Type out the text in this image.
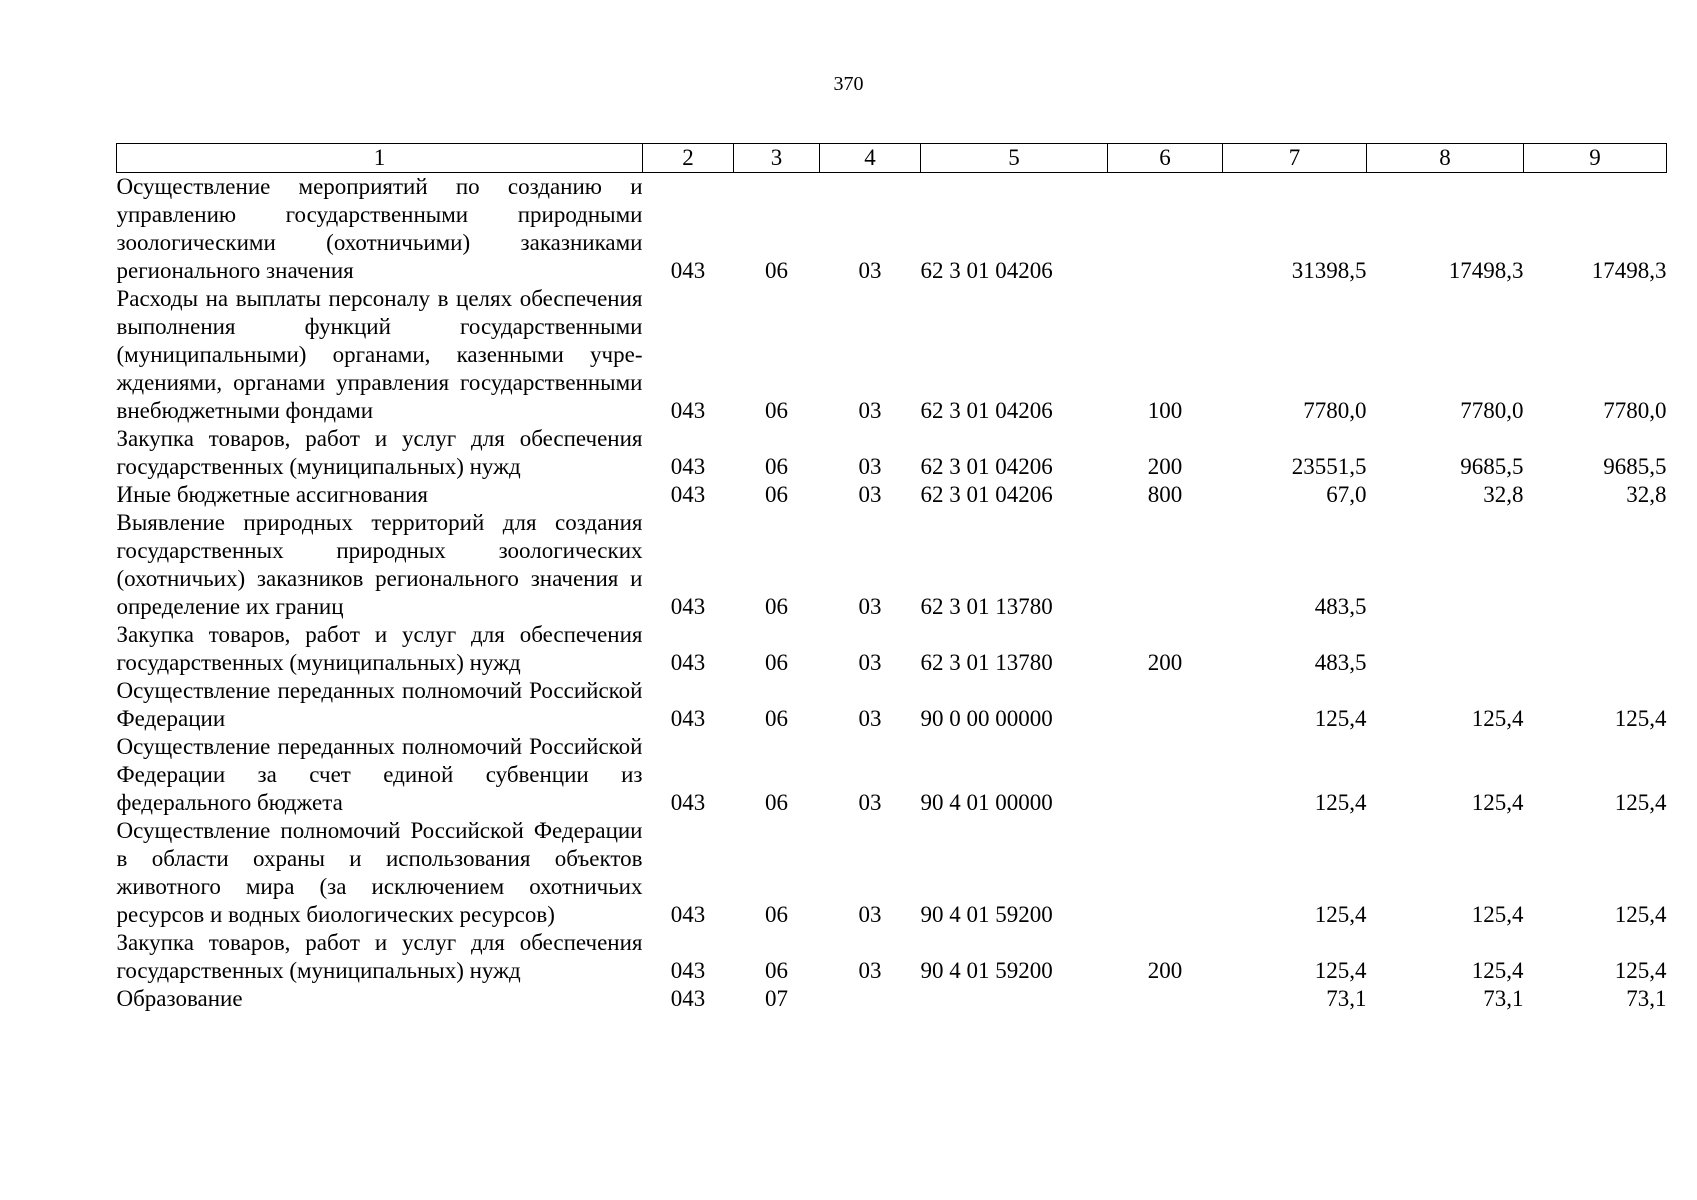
370
1	2	3	4	5	6	7	8	9
Осуществление мероприятий по созданию и управлению государственными природными зоологическими (охотничьими) заказниками регионального значения	043	06	03	62 3 01 04206		31398,5	17498,3	17498,3
Расходы на выплаты персоналу в целях обеспечения выполнения функций государственными (муниципальными) органами, казенными учреждениями, органами управления государственными внебюджетными фондами	043	06	03	62 3 01 04206	100	7780,0	7780,0	7780,0
Закупка товаров, работ и услуг для обеспечения государственных (муниципальных) нужд	043	06	03	62 3 01 04206	200	23551,5	9685,5	9685,5
Иные бюджетные ассигнования	043	06	03	62 3 01 04206	800	67,0	32,8	32,8
Выявление природных территорий для создания государственных природных зоологических (охотничьих) заказников регионального значения и определение их границ	043	06	03	62 3 01 13780		483,5		
Закупка товаров, работ и услуг для обеспечения государственных (муниципальных) нужд	043	06	03	62 3 01 13780	200	483,5		
Осуществление переданных полномочий Российской Федерации	043	06	03	90 0 00 00000		125,4	125,4	125,4
Осуществление переданных полномочий Российской Федерации за счет единой субвенции из федерального бюджета	043	06	03	90 4 01 00000		125,4	125,4	125,4
Осуществление полномочий Российской Федерации в области охраны и использования объектов животного мира (за исключением охотничьих ресурсов и водных биологических ресурсов)	043	06	03	90 4 01 59200		125,4	125,4	125,4
Закупка товаров, работ и услуг для обеспечения государственных (муниципальных) нужд	043	06	03	90 4 01 59200	200	125,4	125,4	125,4
Образование	043	07				73,1	73,1	73,1
